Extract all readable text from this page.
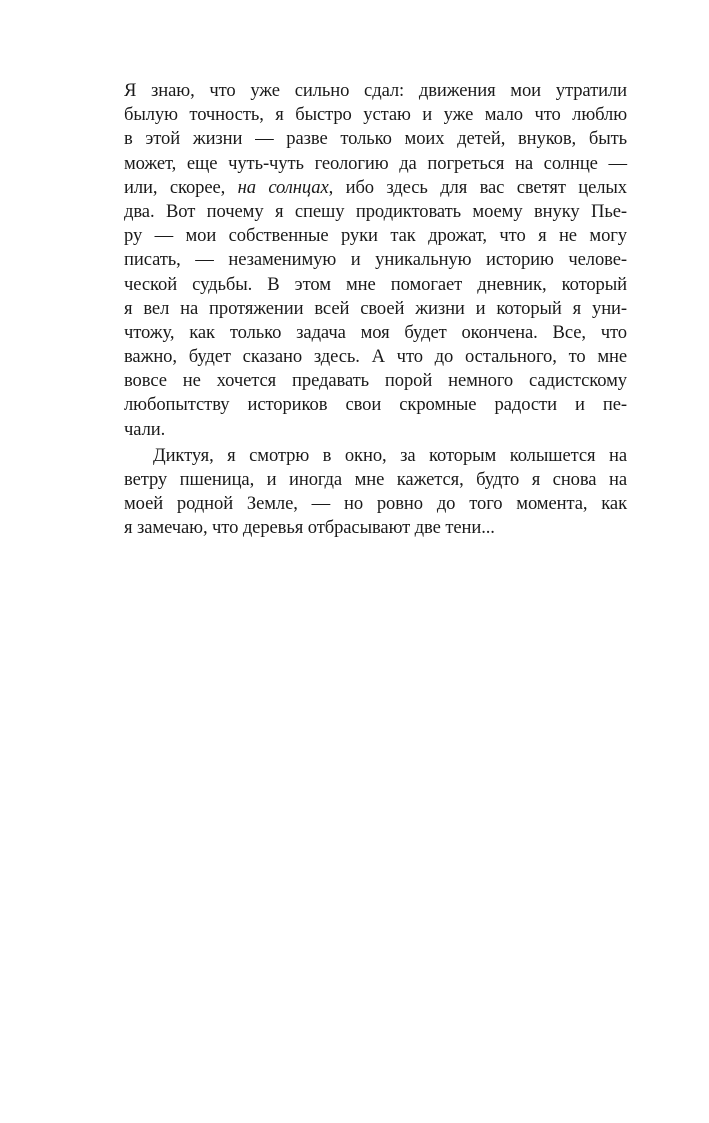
Я знаю, что уже сильно сдал: движения мои утратили
былую точность, я быстро устаю и уже мало что люблю
в этой жизни — разве только моих детей, внуков, быть
может, еще чуть-чуть геологию да погреться на солнце —
или, скорее, на солнцах, ибо здесь для вас светят целых
два. Вот почему я спешу продиктовать моему внуку Пье-
ру — мои собственные руки так дрожат, что я не могу
писать, — незаменимую и уникальную историю челове-
ческой судьбы. В этом мне помогает дневник, который
я вел на протяжении всей своей жизни и который я уни-
чтожу, как только задача моя будет окончена. Все, что
важно, будет сказано здесь. А что до остального, то мне
вовсе не хочется предавать порой немного садистскому
любопытству историков свои скромные радости и пе-
чали.
Диктуя, я смотрю в окно, за которым колышется на
ветру пшеница, и иногда мне кажется, будто я снова на
моей родной Земле, — но ровно до того момента, как
я замечаю, что деревья отбрасывают две тени...
